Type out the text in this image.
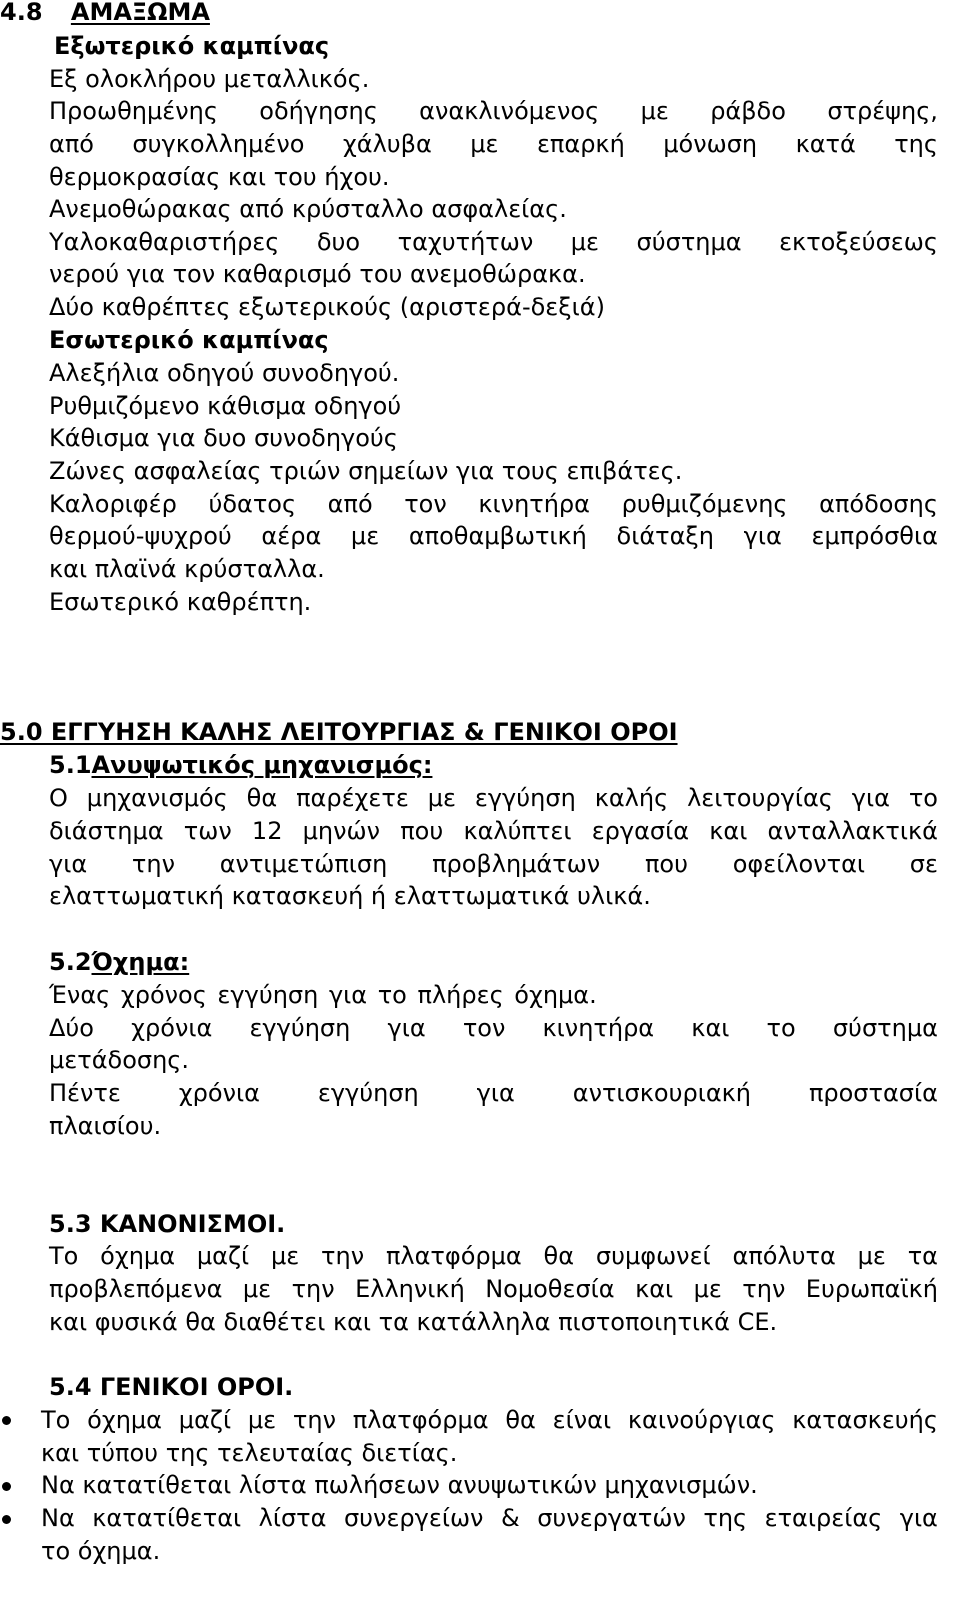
4.8 ΑΜΑΞΩΜΑ
Εξωτερικό καμπίνας
Εξ ολοκλήρου μεταλλικός.
Προωθημένης οδήγησης ανακλινόμενος με ράβδο στρέψης,
από συγκολλημένο χάλυβα με επαρκή μόνωση κατά της
θερμοκρασίας και του ήχου.
Ανεμοθώρακας από κρύσταλλο ασφαλείας.
Υαλοκαθαριστήρες δυο ταχυτήτων με σύστημα εκτοξεύσεως
νερού για τον καθαρισμό του ανεμοθώρακα.
Δύο καθρέπτες εξωτερικούς (αριστερά-δεξιά)
Εσωτερικό καμπίνας
Αλεξήλια οδηγού συνοδηγού.
Ρυθμιζόμενο κάθισμα οδηγού
Κάθισμα για δυο συνοδηγούς
Ζώνες ασφαλείας τριών σημείων για τους επιβάτες.
Καλοριφέρ ύδατος από τον κινητήρα ρυθμιζόμενης απόδοσης
θερμού-ψυχρού αέρα με αποθαμβωτική διάταξη για εμπρόσθια
και πλαϊνά κρύσταλλα.
Εσωτερικό καθρέπτη.
5.0 ΕΓΓΥΗΣΗ ΚΑΛΗΣ ΛΕΙΤΟΥΡΓΙΑΣ & ΓΕΝΙΚΟΙ ΟΡΟΙ
5.1Ανυψωτικός μηχανισμός:
Ο μηχανισμός θα παρέχετε με εγγύηση καλής λειτουργίας για το
διάστημα των 12 μηνών που καλύπτει εργασία και ανταλλακτικά
για την αντιμετώπιση προβλημάτων που οφείλονται σε
ελαττωματική κατασκευή ή ελαττωματικά υλικά.
5.2Όχημα:
Ένας χρόνος εγγύηση για το πλήρες όχημα.
Δύο χρόνια εγγύηση για τον κινητήρα και το σύστημα
μετάδοσης.
Πέντε χρόνια εγγύηση για αντισκουριακή προστασία
πλαισίου.
5.3 ΚΑΝΟΝΙΣΜΟΙ.
Το όχημα μαζί με την πλατφόρμα θα συμφωνεί απόλυτα με τα
προβλεπόμενα με την Ελληνική Νομοθεσία και με την Ευρωπαϊκή
και φυσικά θα διαθέτει και τα κατάλληλα πιστοποιητικά CE.
5.4 ΓΕΝΙΚΟΙ ΟΡΟΙ.
Το όχημα μαζί με την πλατφόρμα θα είναι καινούργιας κατασκευής
και τύπου της τελευταίας διετίας.
Να κατατίθεται λίστα πωλήσεων ανυψωτικών μηχανισμών.
Να κατατίθεται λίστα συνεργείων & συνεργατών της εταιρείας για
το όχημα.
